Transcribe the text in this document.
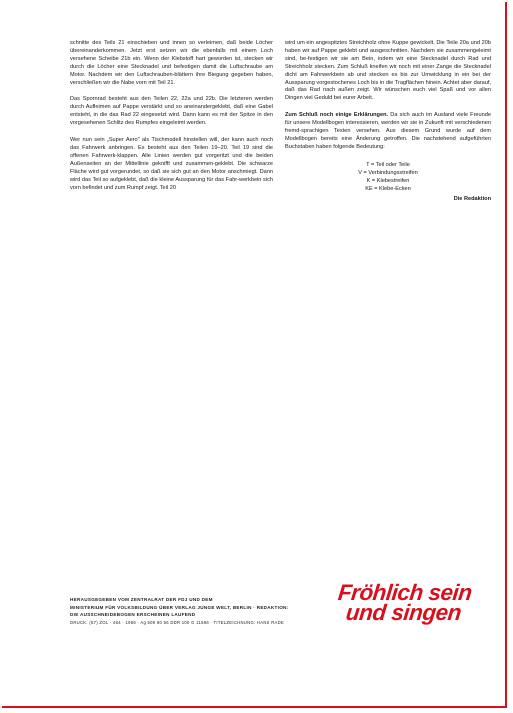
schnitte des Teils 21 einschieben und innen so verleimen, daß beide Löcher übereinanderkommen. Jetzt erst setzen wir die ebenfalls mit einem Loch versehene Scheibe 21b ein. Wenn der Klebstoff hart geworden ist, stecken wir durch die Löcher eine Stecknadel und befestigen damit die Luftschraube am Motor. Nachdem wir den Luftschrauben-blättern ihre Biegung gegeben haben, verschließen wir die Nabe vorn mit Teil 21.

Das Spornrad besteht aus den Teilen 22, 22a und 22b. Die letzteren werden durch Aufleimen auf Pappe verstärkt und so aneinandergeklebt, daß eine Gabel entsteht, in die das Rad 22 eingesetzt wird. Dann kann es mit der Spitze in den vorgesehenen Schlitz des Rumpfes eingeleimt werden.

Wer nun sein „Super Aero" als Tischmodell hinstellen will, der kann auch noch das Fahrwerk anbringen. Es besteht aus den Teilen 19–20. Teil 19 sind die offenen Fahrwerk-klappen. Alle Linien werden gut vorgeritzt und die beiden Außenseiten an der Mittellinie geknifft und zusammen-geklebt. Die schwarze Fläche wird gut vorgerundet, so daß sie sich gut an den Motor anschmiegt. Dann wird das Teil so aufgeklebt, daß die kleine Aussparung für das Fahr-werkbein sich vorn befindet und zum Rumpf zeigt. Teil 20

wird um ein angespitztes Streichholz ohne Kuppe gewickelt. Die Teile 20a und 20b haben wir auf Pappe geklebt und ausgeschnitten. Nachdem sie zusammengeleimt sind, be-festigen wir sie am Bein, indem wir eine Stecknadel durch Rad und Streichholz stecken. Zum Schluß kneifen wir noch mit einer Zange die Stecknadel dicht am Fahrwerkbein ab und stecken es bis zur Umwicklung in ein bei der Aussparung vorgestochenes Loch bis in die Tragflächen hinein. Achtet aber darauf, daß das Rad nach außen zeigt. Wir wünschen euch viel Spaß und vor allen Dingen viel Geduld bei eurer Arbeit.

Zum Schluß noch einige Erklärungen. Da sich auch im Ausland viele Freunde für unsere Modellbogen interessieren, werden wir sie in Zukunft mit verschiedenen fremd-sprachigen Texten versehen. Aus diesem Grund wurde auf dem Modellbogen bereits eine Änderung getroffen. Die nachstehend aufgeführten Buchstaben haben folgende Bedeutung:

T = Teil oder Teile
V = Verbindungsstreifen
K = Klebestreifen
KE = Klebe-Ecken
Die Redaktion
HERAUSGEGEBEN VOM ZENTRALRAT DER FDJ UND DEM
MINISTERIUM FÜR VOLKSBILDUNG ÜBER VERLAG JUNGE WELT, BERLIN · REDAKTION:
DIE AUSSCHNEIDEBOGEN ERSCHEINEN LAUFEND
DRUCK: (57) ZOL · 464 · 1956 · Ag 509 60 56 DDR 100 G 11566 · TITELZEICHNUNG: HANS RADE
Fröhlich sein
und singen
